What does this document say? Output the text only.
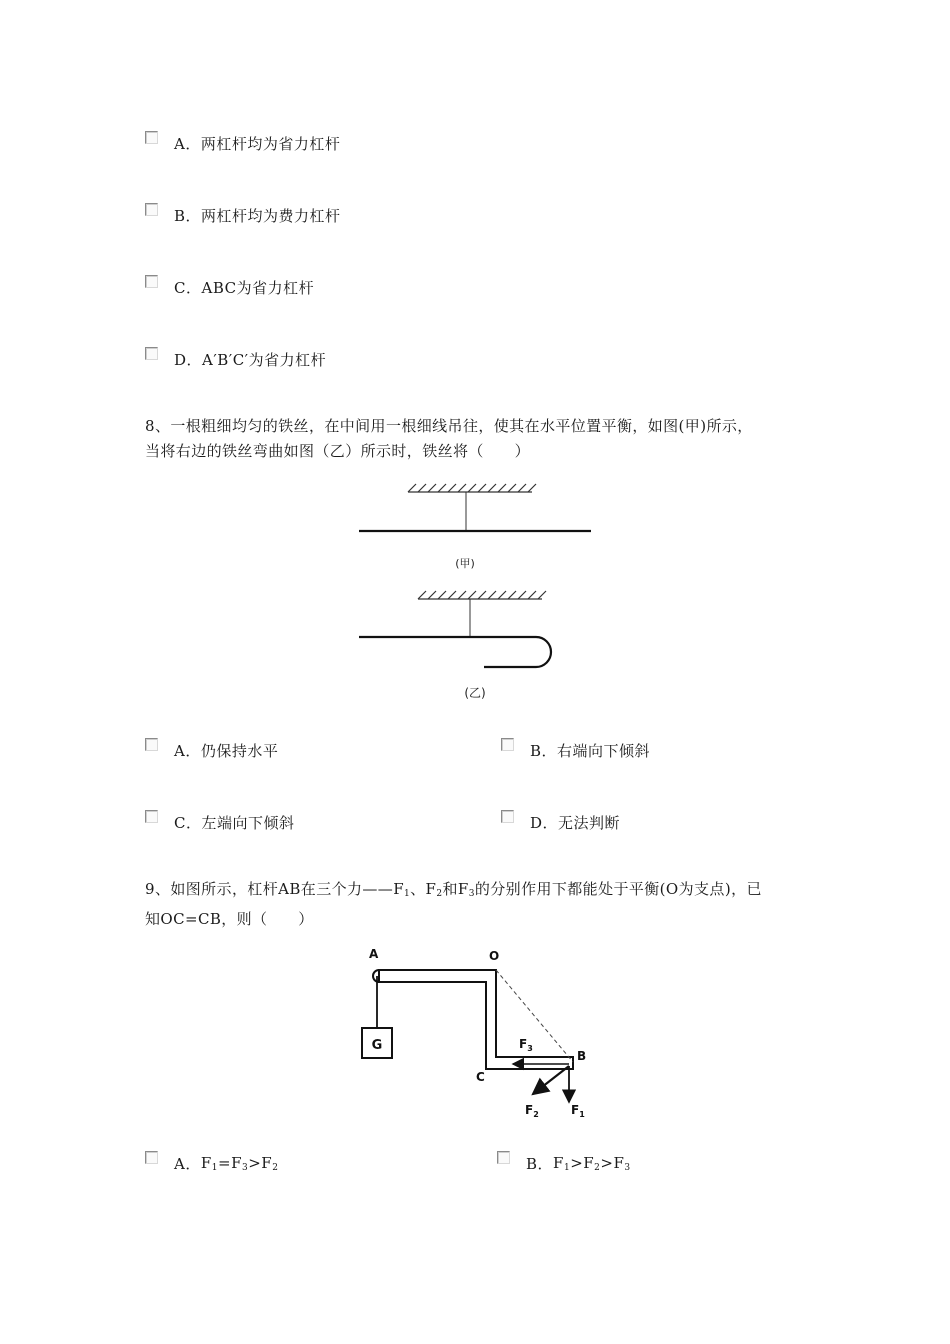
A． 两杠杆均为省力杠杆
B． 两杠杆均为费力杠杆
C． ABC为省力杠杆
D． A′B′C′为省力杠杆
8、一根粗细均匀的铁丝，在中间用一根细线吊往，使其在水平位置平衡，如图(甲)所示，
当将右边的铁丝弯曲如图（乙）所示时，铁丝将（　　）
(甲)
(乙)
A． 仍保持水平	B． 右端向下倾斜
C． 左端向下倾斜	D． 无法判断
9、如图所示，杠杆AB在三个力$——F_1$、$F_2$和$F_3$的分别作用下都能处于平衡(O为支点)，已
知OC=CB，则（　　）
A	O
C
B
G	$F_3$
$F_2$	$F_1$
A． $F_1=F_3>F_2$	B． $F_1>F_2>F_3$
